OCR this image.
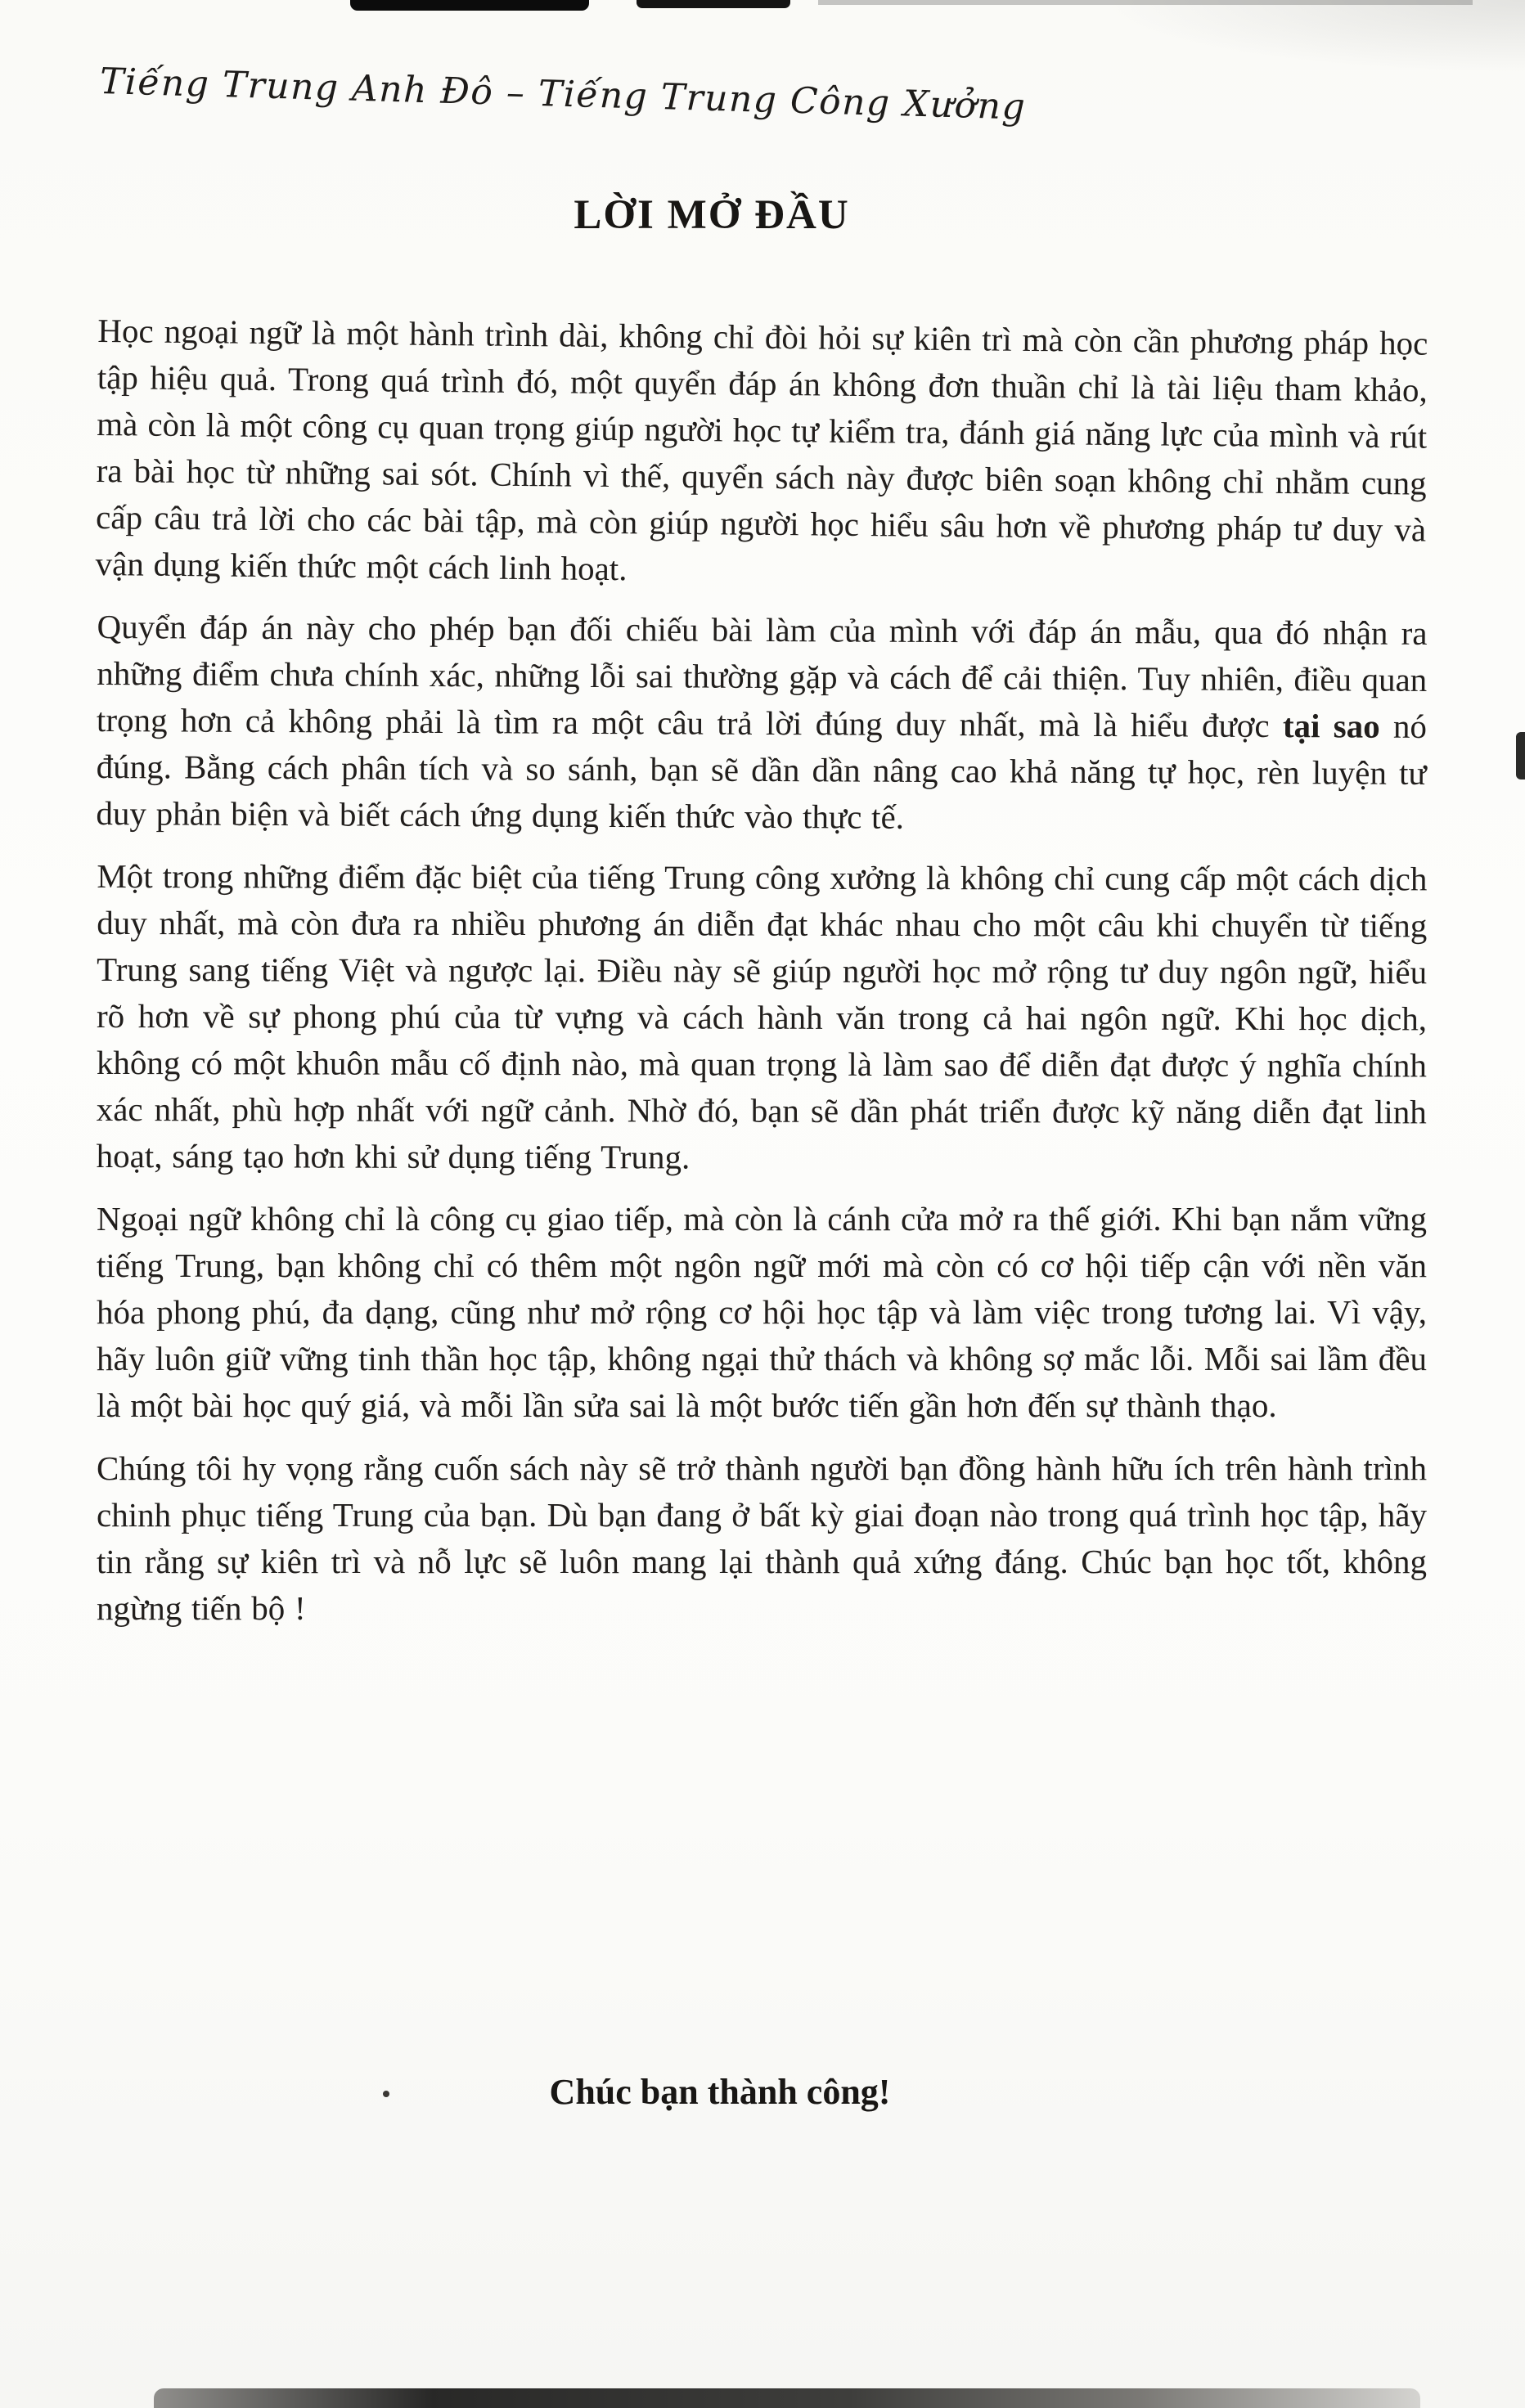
Tiếng Trung Anh Đô – Tiếng Trung Công Xưởng
LỜI MỞ ĐẦU

Học ngoại ngữ là một hành trình dài, không chỉ đòi hỏi sự kiên trì mà còn cần phương pháp học tập hiệu quả. Trong quá trình đó, một quyển đáp án không đơn thuần chỉ là tài liệu tham khảo, mà còn là một công cụ quan trọng giúp người học tự kiểm tra, đánh giá năng lực của mình và rút ra bài học từ những sai sót. Chính vì thế, quyển sách này được biên soạn không chỉ nhằm cung cấp câu trả lời cho các bài tập, mà còn giúp người học hiểu sâu hơn về phương pháp tư duy và vận dụng kiến thức một cách linh hoạt.

Quyển đáp án này cho phép bạn đối chiếu bài làm của mình với đáp án mẫu, qua đó nhận ra những điểm chưa chính xác, những lỗi sai thường gặp và cách để cải thiện. Tuy nhiên, điều quan trọng hơn cả không phải là tìm ra một câu trả lời đúng duy nhất, mà là hiểu được tại sao nó đúng. Bằng cách phân tích và so sánh, bạn sẽ dần dần nâng cao khả năng tự học, rèn luyện tư duy phản biện và biết cách ứng dụng kiến thức vào thực tế.

Một trong những điểm đặc biệt của tiếng Trung công xưởng là không chỉ cung cấp một cách dịch duy nhất, mà còn đưa ra nhiều phương án diễn đạt khác nhau cho một câu khi chuyển từ tiếng Trung sang tiếng Việt và ngược lại. Điều này sẽ giúp người học mở rộng tư duy ngôn ngữ, hiểu rõ hơn về sự phong phú của từ vựng và cách hành văn trong cả hai ngôn ngữ. Khi học dịch, không có một khuôn mẫu cố định nào, mà quan trọng là làm sao để diễn đạt được ý nghĩa chính xác nhất, phù hợp nhất với ngữ cảnh. Nhờ đó, bạn sẽ dần phát triển được kỹ năng diễn đạt linh hoạt, sáng tạo hơn khi sử dụng tiếng Trung.

Ngoại ngữ không chỉ là công cụ giao tiếp, mà còn là cánh cửa mở ra thế giới. Khi bạn nắm vững tiếng Trung, bạn không chỉ có thêm một ngôn ngữ mới mà còn có cơ hội tiếp cận với nền văn hóa phong phú, đa dạng, cũng như mở rộng cơ hội học tập và làm việc trong tương lai. Vì vậy, hãy luôn giữ vững tinh thần học tập, không ngại thử thách và không sợ mắc lỗi. Mỗi sai lầm đều là một bài học quý giá, và mỗi lần sửa sai là một bước tiến gần hơn đến sự thành thạo.

Chúng tôi hy vọng rằng cuốn sách này sẽ trở thành người bạn đồng hành hữu ích trên hành trình chinh phục tiếng Trung của bạn. Dù bạn đang ở bất kỳ giai đoạn nào trong quá trình học tập, hãy tin rằng sự kiên trì và nỗ lực sẽ luôn mang lại thành quả xứng đáng. Chúc bạn học tốt, không ngừng tiến bộ !

Chúc bạn thành công!
